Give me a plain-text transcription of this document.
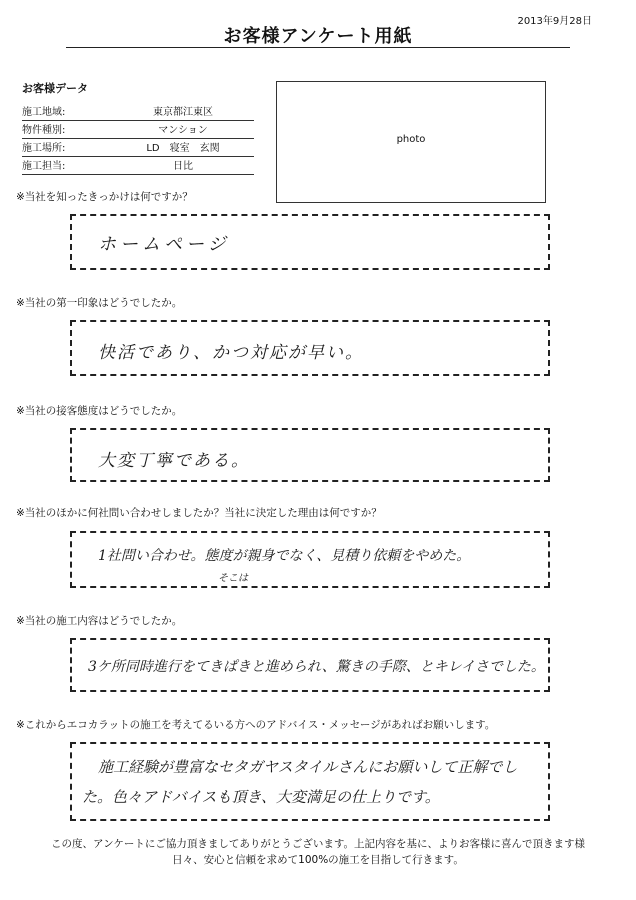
2013年9月28日
お客様アンケート用紙
お客様データ
施工地域:	東京都江東区
物件種別:	マンション
施工場所:	LD　寝室　玄関
施工担当:	日比
photo
※当社を知ったきっかけは何ですか？
ホームページ
※当社の第一印象はどうでしたか。
快活であり、かつ対応が早い。
※当社の接客態度はどうでしたか。
大変丁寧である。
※当社のほかに何社問い合わせしましたか？当社に決定した理由は何ですか？
1社問い合わせ。態度が親身でなく、見積り依頼をやめた。
そこは
※当社の施工内容はどうでしたか。
3ケ所同時進行をてきぱきと進められ、驚きの手際、とキレイさでした。
※これからエコカラットの施工を考えてるいる方へのアドバイス・メッセージがあればお願いします。
施工経験が豊富なセタガヤスタイルさんにお願いして正解でし
た。色々アドバイスも頂き、大変満足の仕上りです。
この度、アンケートにご協力頂きましてありがとうございます。上記内容を基に、よりお客様に喜んで頂きます様
日々、安心と信頼を求めて100%の施工を目指して行きます。
